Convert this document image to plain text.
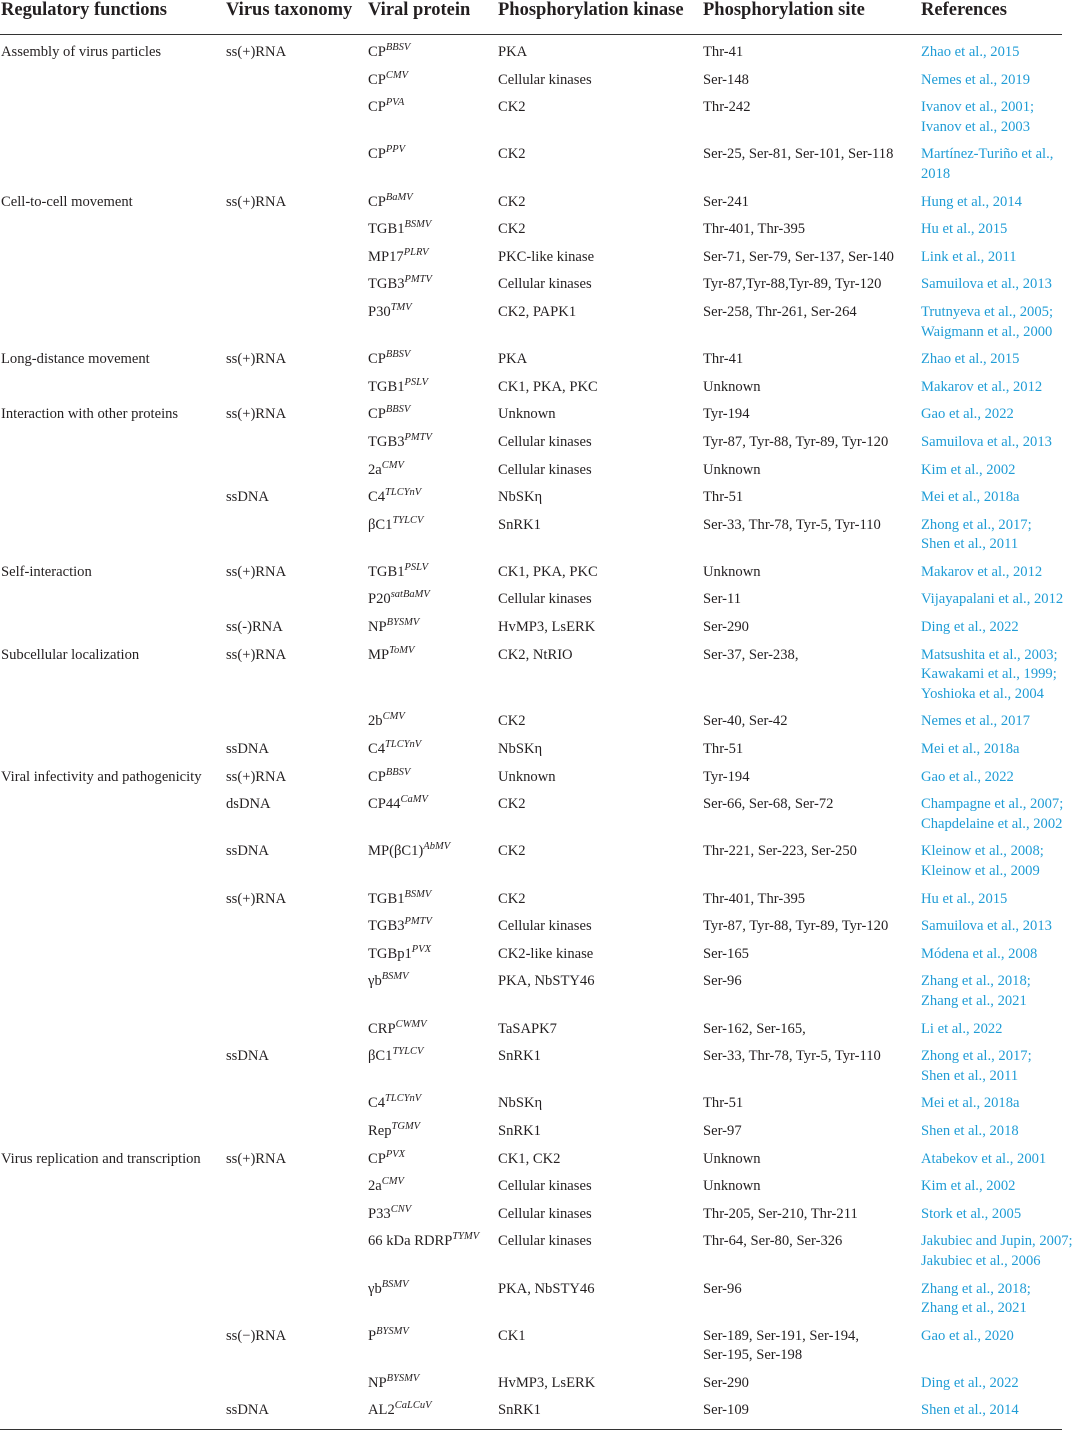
Regulatory functions	Virus taxonomy	Viral protein	Phosphorylation kinase	Phosphorylation site	References
Assembly of virus particles	ss(+)RNA	$CP^{BBSV}$	PKA	Thr-41	Zhao et al., 2015

		$CP^{CMV}$	Cellular kinases	Ser-148	Nemes et al., 2019

		$CP^{PVA}$	CK2	Thr-242	Ivanov et al., 2001;
Ivanov et al., 2003

		$CP^{PPV}$	CK2	Ser-25, Ser-81, Ser-101, Ser-118	Martínez-Turiño et al.,
2018

Cell-to-cell movement	ss(+)RNA	$CP^{BaMV}$	CK2	Ser-241	Hung et al., 2014

		$TGB1^{BSMV}$	CK2	Thr-401, Thr-395	Hu et al., 2015

		$MP17^{PLRV}$	PKC-like kinase	Ser-71, Ser-79, Ser-137, Ser-140	Link et al., 2011

		$TGB3^{PMTV}$	Cellular kinases	Tyr-87,Tyr-88,Tyr-89, Tyr-120	Samuilova et al., 2013

		$P30^{TMV}$	CK2, PAPK1	Ser-258, Thr-261, Ser-264	Trutnyeva et al., 2005;
Waigmann et al., 2000

Long-distance movement	ss(+)RNA	$CP^{BBSV}$	PKA	Thr-41	Zhao et al., 2015

		$TGB1^{PSLV}$	CK1, PKA, PKC	Unknown	Makarov et al., 2012

Interaction with other proteins	ss(+)RNA	$CP^{BBSV}$	Unknown	Tyr-194	Gao et al., 2022

		$TGB3^{PMTV}$	Cellular kinases	Tyr-87, Tyr-88, Tyr-89, Tyr-120	Samuilova et al., 2013

		$2a^{CMV}$	Cellular kinases	Unknown	Kim et al., 2002

	ssDNA	$C4^{TLCYnV}$	NbSKη	Thr-51	Mei et al., 2018a

		$\beta C1^{TYLCV}$	SnRK1	Ser-33, Thr-78, Tyr-5, Tyr-110	Zhong et al., 2017;
Shen et al., 2011

Self-interaction	ss(+)RNA	$TGB1^{PSLV}$	CK1, PKA, PKC	Unknown	Makarov et al., 2012

		$P20^{satBaMV}$	Cellular kinases	Ser-11	Vijayapalani et al., 2012

	ss(-)RNA	$NP^{BYSMV}$	HvMP3, LsERK	Ser-290	Ding et al., 2022

Subcellular localization	ss(+)RNA	$MP^{ToMV}$	CK2, NtRIO	Ser-37, Ser-238,	Matsushita et al., 2003;
Kawakami et al., 1999;
Yoshioka et al., 2004

		$2b^{CMV}$	CK2	Ser-40, Ser-42	Nemes et al., 2017

	ssDNA	$C4^{TLCYnV}$	NbSKη	Thr-51	Mei et al., 2018a

Viral infectivity and pathogenicity	ss(+)RNA	$CP^{BBSV}$	Unknown	Tyr-194	Gao et al., 2022

	dsDNA	$CP44^{CaMV}$	CK2	Ser-66, Ser-68, Ser-72	Champagne et al., 2007;
Chapdelaine et al., 2002

	ssDNA	$MP(\beta C1)^{AbMV}$	CK2	Thr-221, Ser-223, Ser-250	Kleinow et al., 2008;
Kleinow et al., 2009

	ss(+)RNA	$TGB1^{BSMV}$	CK2	Thr-401, Thr-395	Hu et al., 2015

		$TGB3^{PMTV}$	Cellular kinases	Tyr-87, Tyr-88, Tyr-89, Tyr-120	Samuilova et al., 2013

		$TGBp1^{PVX}$	CK2-like kinase	Ser-165	Módena et al., 2008

		$\gamma b^{BSMV}$	PKA, NbSTY46	Ser-96	Zhang et al., 2018;
Zhang et al., 2021

		$CRP^{CWMV}$	TaSAPK7	Ser-162, Ser-165,	Li et al., 2022

	ssDNA	$\beta C1^{TYLCV}$	SnRK1	Ser-33, Thr-78, Tyr-5, Tyr-110	Zhong et al., 2017;
Shen et al., 2011

		$C4^{TLCYnV}$	NbSKη	Thr-51	Mei et al., 2018a

		Rep$^{TGMV}$	SnRK1	Ser-97	Shen et al., 2018

Virus replication and transcription	ss(+)RNA	$CP^{PVX}$	CK1, CK2	Unknown	Atabekov et al., 2001

		$2a^{CMV}$	Cellular kinases	Unknown	Kim et al., 2002

		$P33^{CNV}$	Cellular kinases	Thr-205, Ser-210, Thr-211	Stork et al., 2005

		66 kDa $RDRP^{TYMV}$	Cellular kinases	Thr-64, Ser-80, Ser-326	Jakubiec and Jupin, 2007;
Jakubiec et al., 2006

		$\gamma b^{BSMV}$	PKA, NbSTY46	Ser-96	Zhang et al., 2018;
Zhang et al., 2021

	ss(−)RNA	$P^{BYSMV}$	CK1	Ser-189, Ser-191, Ser-194,
Ser-195, Ser-198	Gao et al., 2020

		$NP^{BYSMV}$	HvMP3, LsERK	Ser-290	Ding et al., 2022

	ssDNA	$AL2^{CaLCuV}$	SnRK1	Ser-109	Shen et al., 2014
